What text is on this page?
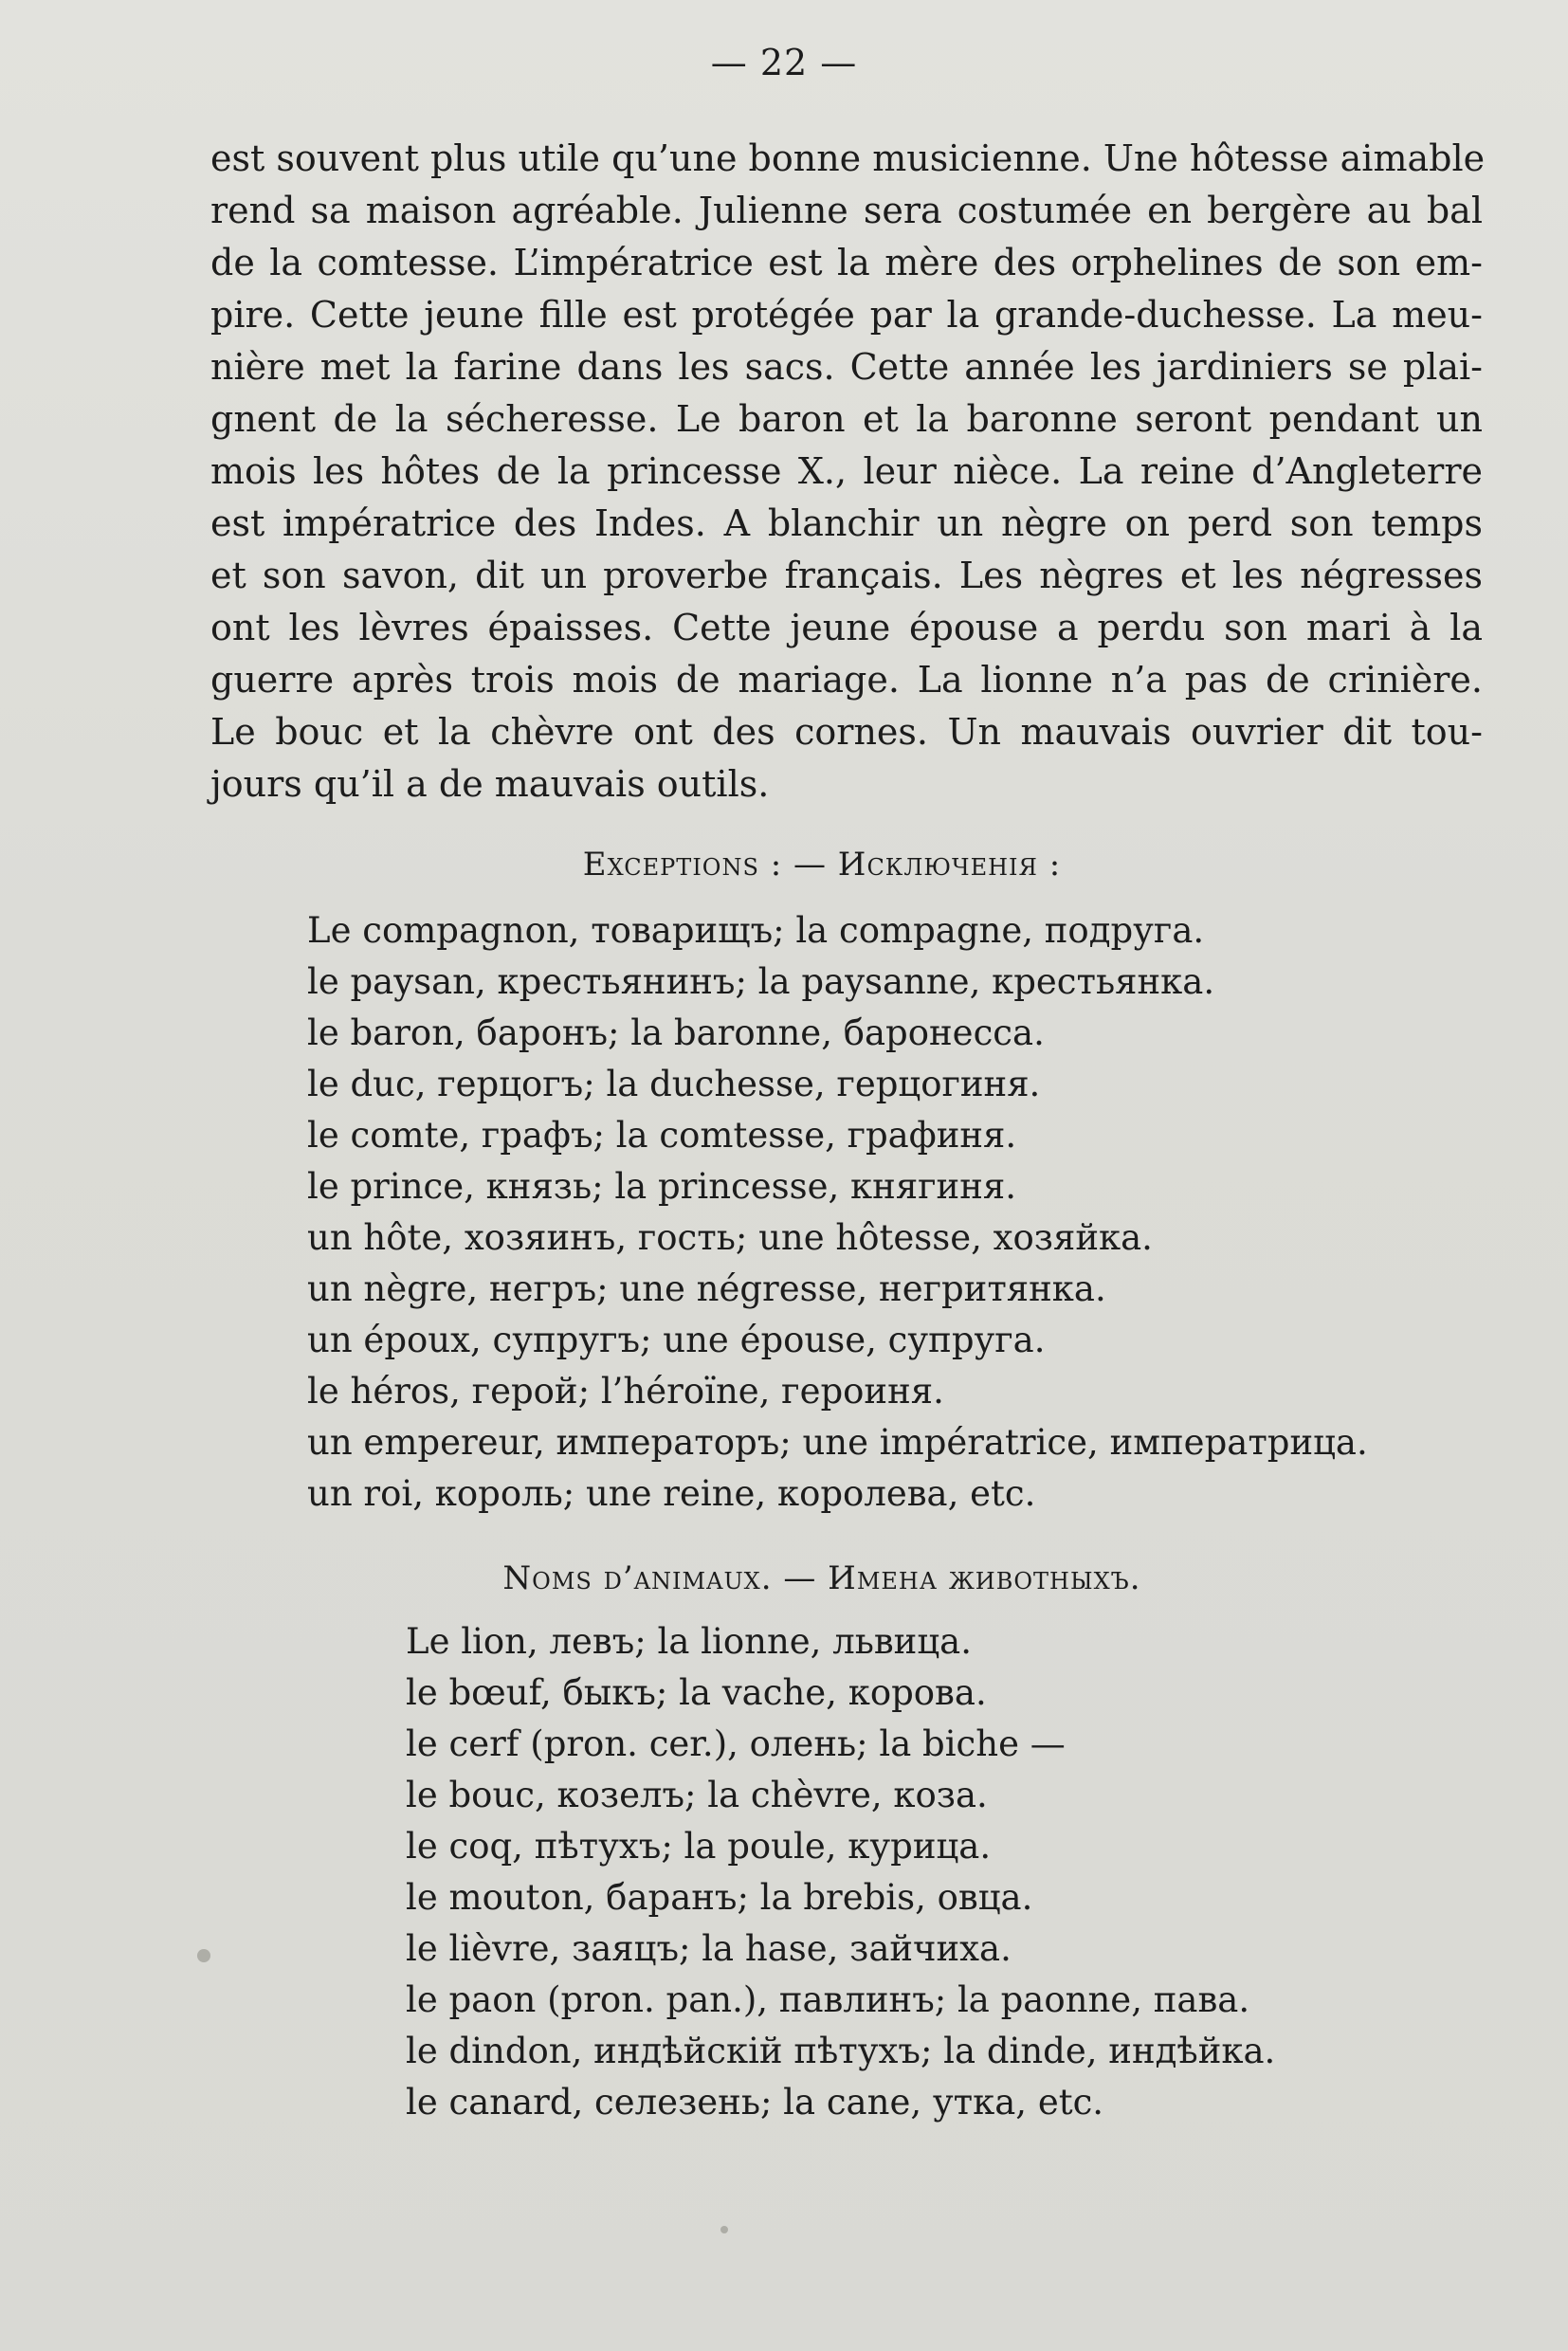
— 22 —
est souvent plus utile qu’une bonne musicienne. Une hôtesse aimable
rend sa maison agréable. Julienne sera costumée en bergère au bal
de la comtesse. L’impératrice est la mère des orphelines de son em-
pire. Cette jeune fille est protégée par la grande-duchesse. La meu-
nière met la farine dans les sacs. Cette année les jardiniers se plai-
gnent de la sécheresse. Le baron et la baronne seront pendant un
mois les hôtes de la princesse X., leur nièce. La reine d’Angleterre
est impératrice des Indes. A blanchir un nègre on perd son temps
et son savon, dit un proverbe français. Les nègres et les négresses
ont les lèvres épaisses. Cette jeune épouse a perdu son mari à la
guerre après trois mois de mariage. La lionne n’a pas de crinière.
Le bouc et la chèvre ont des cornes. Un mauvais ouvrier dit tou-
jours qu’il a de mauvais outils.
Exceptions : — Исключенія :
Le compagnon, товарищъ; la compagne, подруга.
le paysan, крестьянинъ; la paysanne, крестьянка.
le baron, баронъ; la baronne, баронесса.
le duc, герцогъ; la duchesse, герцогиня.
le comte, графъ; la comtesse, графиня.
le prince, князь; la princesse, княгиня.
un hôte, хозяинъ, гость; une hôtesse, хозяйка.
un nègre, негръ; une négresse, негритянка.
un époux, супругъ; une épouse, супруга.
le héros, герой; l’héroïne, героиня.
un empereur, императоръ; une impératrice, императрица.
un roi, король; une reine, королева, etc.
Noms d’animaux. — Имена животныхъ.
Le lion, левъ; la lionne, львица.
le bœuf, быкъ; la vache, корова.
le cerf (pron. cer.), олень; la biche —
le bouc, козелъ; la chèvre, коза.
le coq, пѣтухъ; la poule, курица.
le mouton, баранъ; la brebis, овца.
le lièvre, заяцъ; la hase, зайчиха.
le paon (pron. pan.), павлинъ; la paonne, пава.
le dindon, индѣйскій пѣтухъ; la dinde, индѣйка.
le canard, селезень; la cane, утка, etc.
